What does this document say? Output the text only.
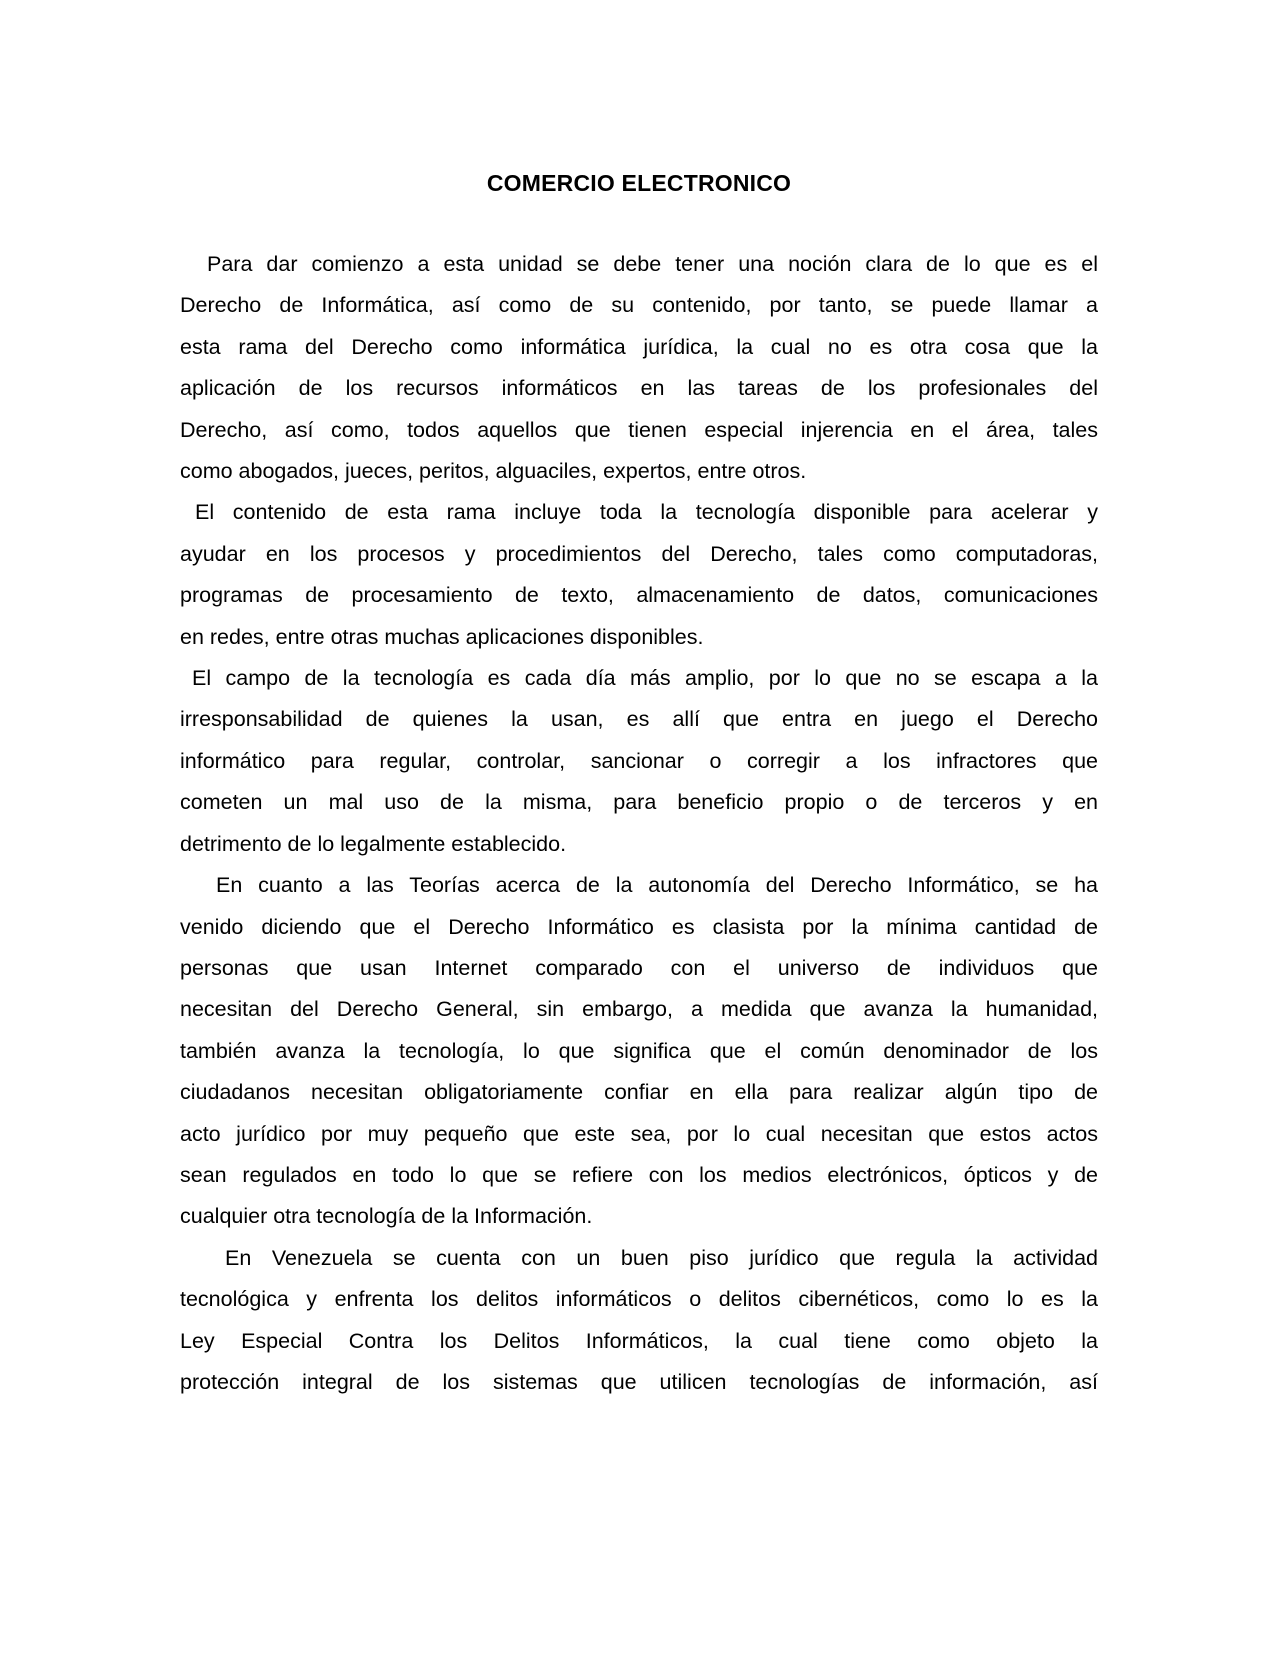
COMERCIO ELECTRONICO
Para dar comienzo a esta unidad se debe tener una noción clara de lo que es el
Derecho de Informática, así como de su contenido, por tanto, se puede llamar a
esta rama del Derecho como informática jurídica, la cual no es otra cosa que la
aplicación de los recursos informáticos en las tareas de los profesionales del
Derecho, así como, todos aquellos que tienen especial injerencia en el área, tales
como abogados, jueces, peritos, alguaciles, expertos, entre otros.
El contenido de esta rama incluye toda la tecnología disponible para acelerar y
ayudar en los procesos y procedimientos del Derecho, tales como computadoras,
programas de procesamiento de texto, almacenamiento de datos, comunicaciones
en redes, entre otras muchas aplicaciones disponibles.
El campo de la tecnología es cada día más amplio, por lo que no se escapa a la
irresponsabilidad de quienes la usan, es allí que entra en juego el Derecho
informático para regular, controlar, sancionar o corregir a los infractores que
cometen un mal uso de la misma, para beneficio propio o de terceros y en
detrimento de lo legalmente establecido.
En cuanto a las Teorías acerca de la autonomía del Derecho Informático, se ha
venido diciendo que el Derecho Informático es clasista por la mínima cantidad de
personas que usan Internet comparado con el universo de individuos que
necesitan del Derecho General, sin embargo, a medida que avanza la humanidad,
también avanza la tecnología, lo que significa que el común denominador de los
ciudadanos necesitan obligatoriamente confiar en ella para realizar algún tipo de
acto jurídico por muy pequeño que este sea, por lo cual necesitan que estos actos
sean regulados en todo lo que se refiere con los medios electrónicos, ópticos y de
cualquier otra tecnología de la Información.
En Venezuela se cuenta con un buen piso jurídico que regula la actividad
tecnológica y enfrenta los delitos informáticos o delitos cibernéticos, como lo es la
Ley Especial Contra los Delitos Informáticos, la cual tiene como objeto la
protección integral de los sistemas que utilicen tecnologías de información, así
